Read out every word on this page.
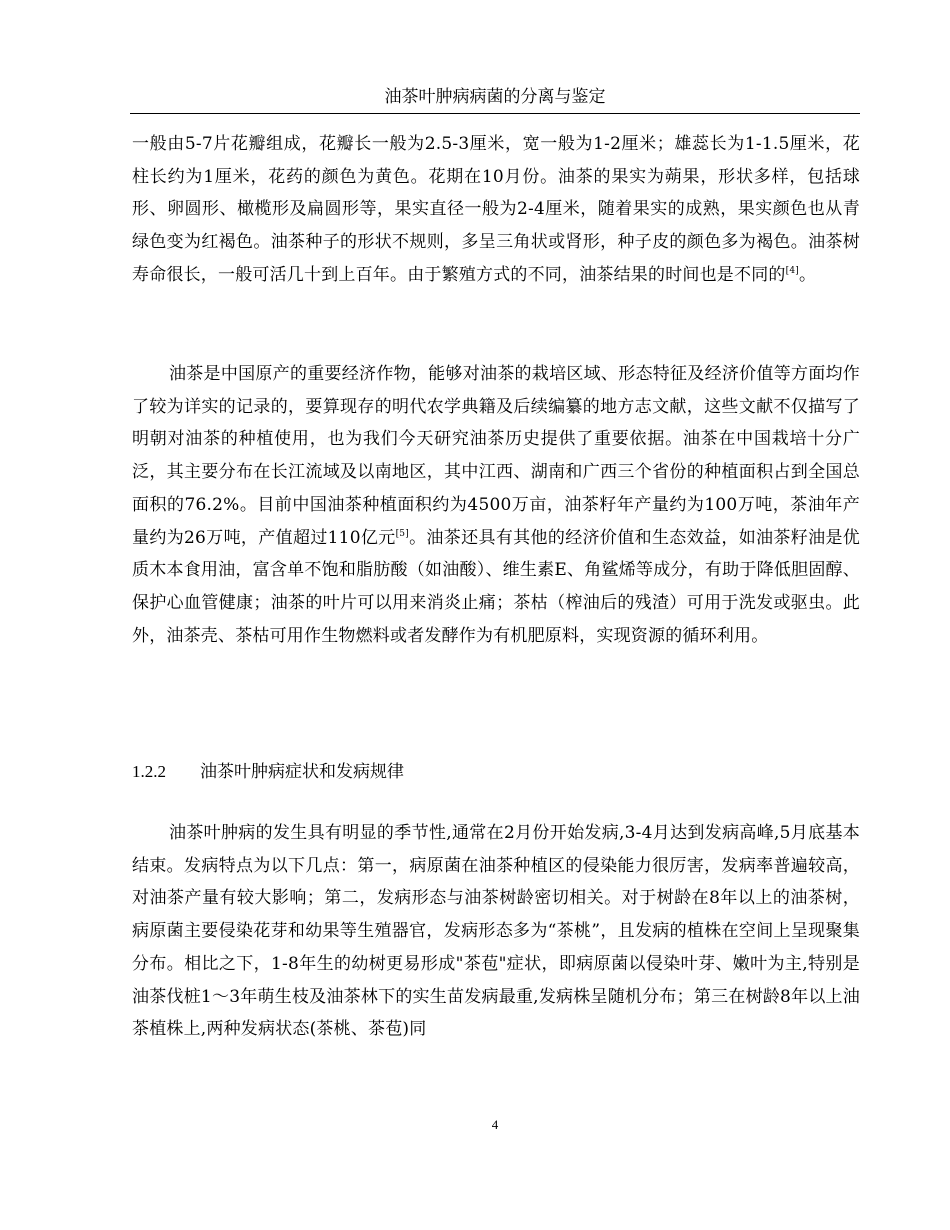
油茶叶肿病病菌的分离与鉴定

一般由5-7片花瓣组成，花瓣长一般为2.5-3厘米，宽一般为1-2厘米；雄蕊长为1-1.5厘米，花柱长约为1厘米，花药的颜色为黄色。花期在10月份。油茶的果实为蒴果，形状多样，包括球形、卵圆形、橄榄形及扁圆形等，果实直径一般为2-4厘米，随着果实的成熟，果实颜色也从青绿色变为红褐色。油茶种子的形状不规则，多呈三角状或肾形，种子皮的颜色多为褐色。油茶树寿命很长，一般可活几十到上百年。由于繁殖方式的不同，油茶结果的时间也是不同的[4]。

油茶是中国原产的重要经济作物，能够对油茶的栽培区域、形态特征及经济价值等方面均作了较为详实的记录的，要算现存的明代农学典籍及后续编纂的地方志文献，这些文献不仅描写了明朝对油茶的种植使用，也为我们今天研究油茶历史提供了重要依据。油茶在中国栽培十分广泛，其主要分布在长江流域及以南地区，其中江西、湖南和广西三个省份的种植面积占到全国总面积的76.2%。目前中国油茶种植面积约为4500万亩，油茶籽年产量约为100万吨，茶油年产量约为26万吨，产值超过110亿元[5]。油茶还具有其他的经济价值和生态效益，如油茶籽油是优质木本食用油，富含单不饱和脂肪酸（如油酸）、维生素E、角鲨烯等成分，有助于降低胆固醇、保护心血管健康；油茶的叶片可以用来消炎止痛；茶枯（榨油后的残渣）可用于洗发或驱虫。此外，油茶壳、茶枯可用作生物燃料或者发酵作为有机肥原料，实现资源的循环利用。

1.2.2 油茶叶肿病症状和发病规律

油茶叶肿病的发生具有明显的季节性,通常在2月份开始发病,3-4月达到发病高峰,5月底基本结束。发病特点为以下几点：第一，病原菌在油茶种植区的侵染能力很厉害，发病率普遍较高，对油茶产量有较大影响；第二，发病形态与油茶树龄密切相关。对于树龄在8年以上的油茶树，病原菌主要侵染花芽和幼果等生殖器官，发病形态多为“茶桃”，且发病的植株在空间上呈现聚集分布。相比之下，1-8年生的幼树更易形成"茶苞"症状，即病原菌以侵染叶芽、嫩叶为主,特别是油茶伐桩1～3年萌生枝及油茶林下的实生苗发病最重,发病株呈随机分布；第三在树龄8年以上油茶植株上,两种发病状态(茶桃、茶苞)同

4
